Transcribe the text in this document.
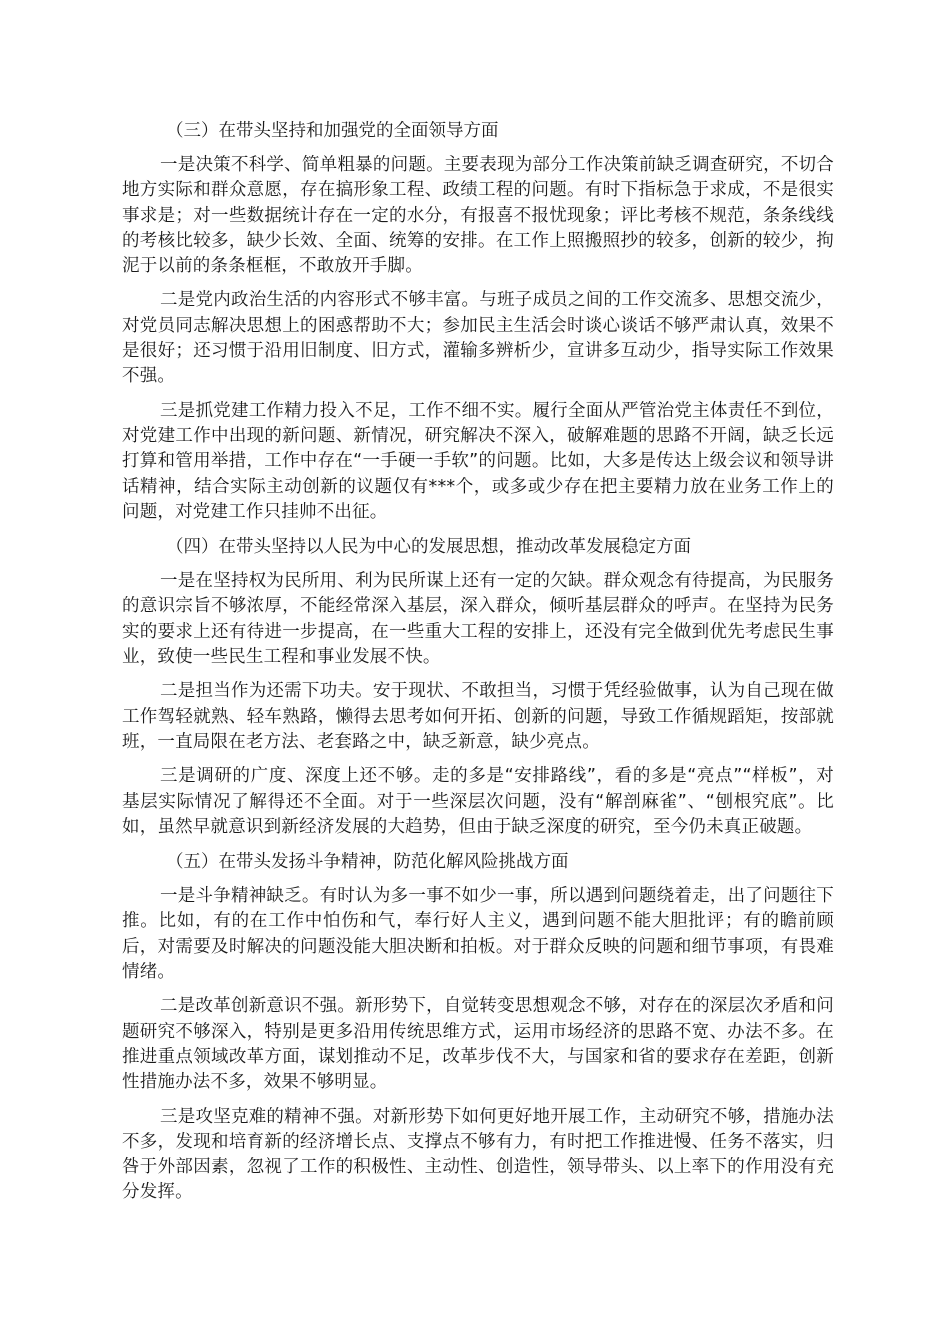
（三）在带头坚持和加强党的全面领导方面
一是决策不科学、简单粗暴的问题。主要表现为部分工作决策前缺乏调查研究，不切合地方实际和群众意愿，存在搞形象工程、政绩工程的问题。有时下指标急于求成，不是很实事求是；对一些数据统计存在一定的水分，有报喜不报忧现象；评比考核不规范，条条线线的考核比较多，缺少长效、全面、统筹的安排。在工作上照搬照抄的较多，创新的较少，拘泥于以前的条条框框，不敢放开手脚。
二是党内政治生活的内容形式不够丰富。与班子成员之间的工作交流多、思想交流少，对党员同志解决思想上的困惑帮助不大；参加民主生活会时谈心谈话不够严肃认真，效果不是很好；还习惯于沿用旧制度、旧方式，灌输多辨析少，宣讲多互动少，指导实际工作效果不强。
三是抓党建工作精力投入不足，工作不细不实。履行全面从严管治党主体责任不到位，对党建工作中出现的新问题、新情况，研究解决不深入，破解难题的思路不开阔，缺乏长远打算和管用举措，工作中存在“一手硬一手软”的问题。比如，大多是传达上级会议和领导讲话精神，结合实际主动创新的议题仅有***个，或多或少存在把主要精力放在业务工作上的问题，对党建工作只挂帅不出征。
（四）在带头坚持以人民为中心的发展思想，推动改革发展稳定方面
一是在坚持权为民所用、利为民所谋上还有一定的欠缺。群众观念有待提高，为民服务的意识宗旨不够浓厚，不能经常深入基层，深入群众，倾听基层群众的呼声。在坚持为民务实的要求上还有待进一步提高，在一些重大工程的安排上，还没有完全做到优先考虑民生事业，致使一些民生工程和事业发展不快。
二是担当作为还需下功夫。安于现状、不敢担当，习惯于凭经验做事，认为自己现在做工作驾轻就熟、轻车熟路，懒得去思考如何开拓、创新的问题，导致工作循规蹈矩，按部就班，一直局限在老方法、老套路之中，缺乏新意，缺少亮点。
三是调研的广度、深度上还不够。走的多是“安排路线”，看的多是“亮点”“样板”，对基层实际情况了解得还不全面。对于一些深层次问题，没有“解剖麻雀”、“刨根究底”。比如，虽然早就意识到新经济发展的大趋势，但由于缺乏深度的研究，至今仍未真正破题。
（五）在带头发扬斗争精神，防范化解风险挑战方面
一是斗争精神缺乏。有时认为多一事不如少一事，所以遇到问题绕着走，出了问题往下推。比如，有的在工作中怕伤和气，奉行好人主义，遇到问题不能大胆批评；有的瞻前顾后，对需要及时解决的问题没能大胆决断和拍板。对于群众反映的问题和细节事项，有畏难情绪。
二是改革创新意识不强。新形势下，自觉转变思想观念不够，对存在的深层次矛盾和问题研究不够深入，特别是更多沿用传统思维方式，运用市场经济的思路不宽、办法不多。在推进重点领域改革方面，谋划推动不足，改革步伐不大，与国家和省的要求存在差距，创新性措施办法不多，效果不够明显。
三是攻坚克难的精神不强。对新形势下如何更好地开展工作，主动研究不够，措施办法不多，发现和培育新的经济增长点、支撑点不够有力，有时把工作推进慢、任务不落实，归咎于外部因素，忽视了工作的积极性、主动性、创造性，领导带头、以上率下的作用没有充分发挥。
